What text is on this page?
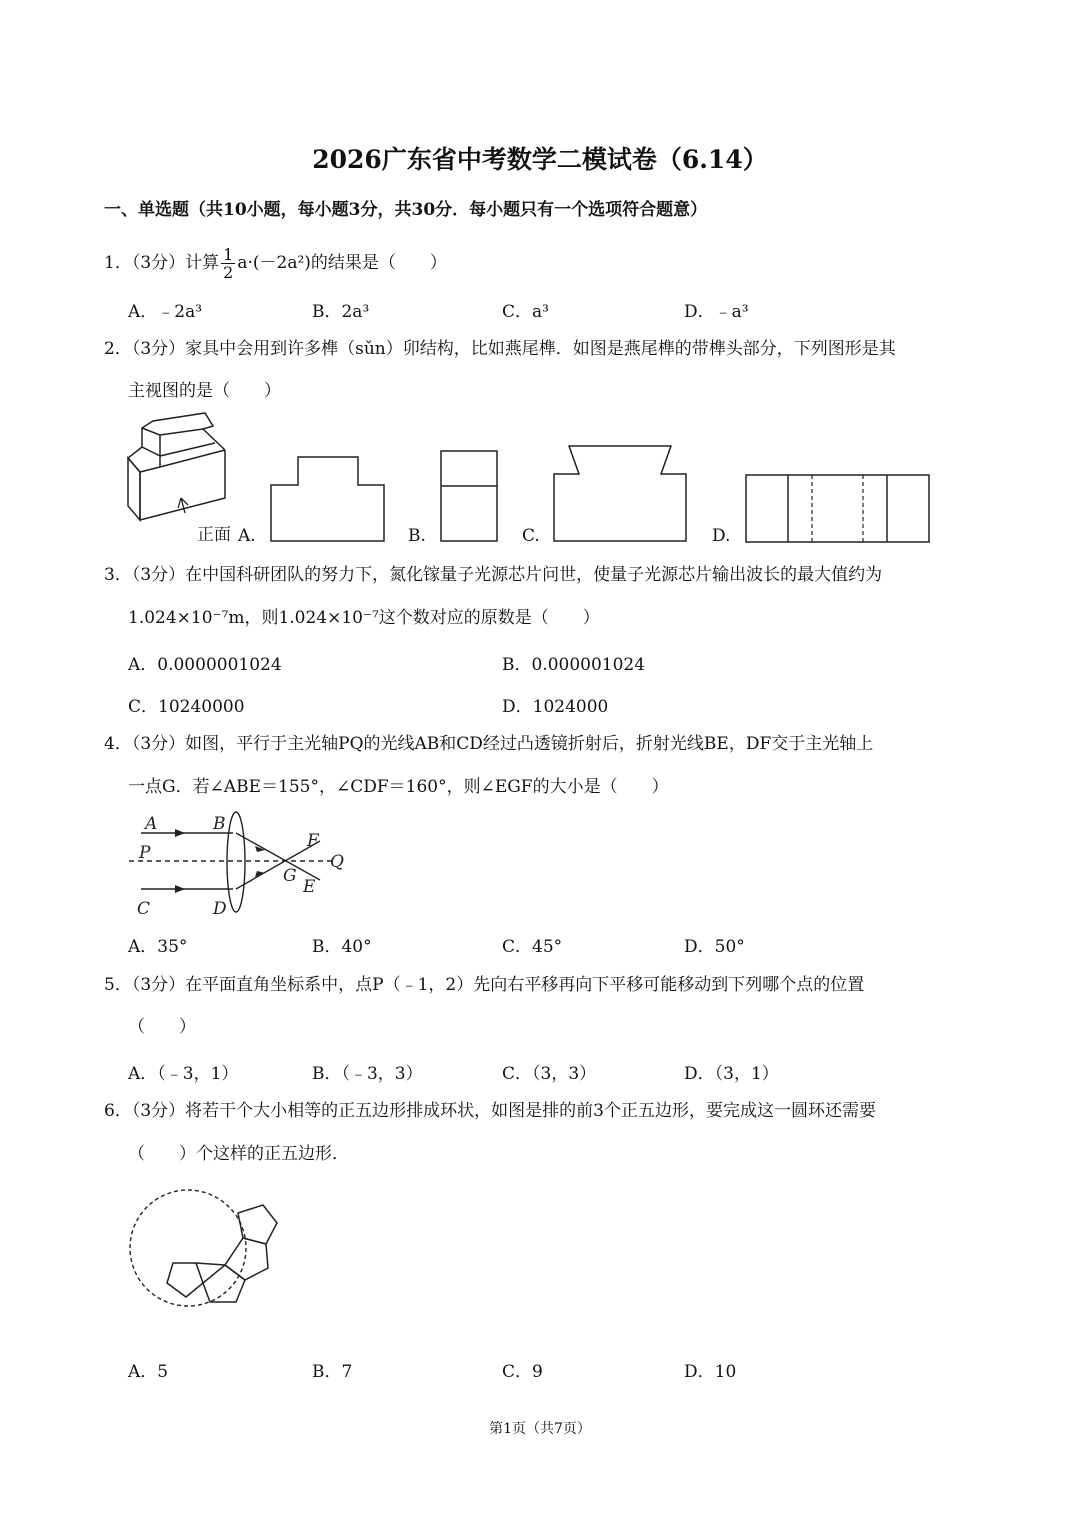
2026广东省中考数学二模试卷（6.14）
一、单选题（共10小题，每小题3分，共30分．每小题只有一个选项符合题意）
1．（3分）计算 $\frac{1}{2} a\cdot(-2a^2)$的结果是（　　）
A．﹣2a³	B．2a³	C．a³	D．﹣a³
2．（3分）家具中会用到许多榫（sǔn）卯结构，比如燕尾榫．如图是燕尾榫的带榫头部分，下列图形是其
主视图的是（　　）
正面 A.	B.	C.	D.
3．（3分）在中国科研团队的努力下，氮化镓量子光源芯片问世，使量子光源芯片输出波长的最大值约为
1.024×10⁻⁷m，则1.024×10⁻⁷这个数对应的原数是（　　）
A．0.0000001024	B．0.000001024
C．10240000	D．1024000
4．（3分）如图，平行于主光轴PQ的光线AB和CD经过凸透镜折射后，折射光线BE，DF交于主光轴上
一点G．若∠ABE＝155°，∠CDF＝160°，则∠EGF的大小是（　　）
A	B
P
F
Q
G
E
C	D
A．35°	B．40°	C．45°	D．50°
5．（3分）在平面直角坐标系中，点P（﹣1，2）先向右平移再向下平移可能移动到下列哪个点的位置
（　　）
A．（﹣3，1）	B．（﹣3，3）	C．（3，3）	D．（3，1）
6．（3分）将若干个大小相等的正五边形排成环状，如图是排的前3个正五边形，要完成这一圆环还需要
（　　）个这样的正五边形．
A．5	B．7	C．9	D．10
第1页（共7页）
